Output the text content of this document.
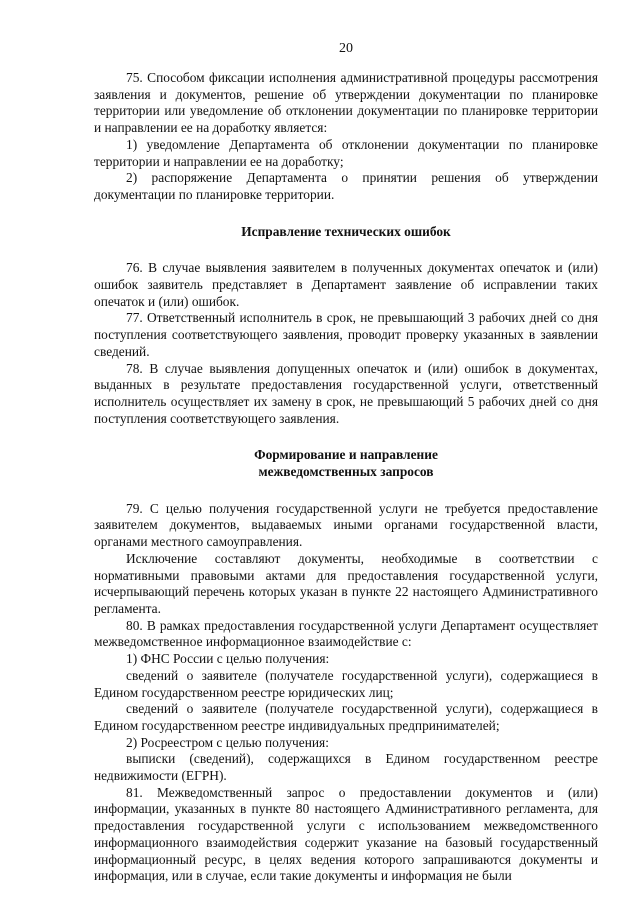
20

75. Способом фиксации исполнения административной процедуры рассмотрения заявления и документов, решение об утверждении документации по планировке территории или уведомление об отклонении документации по планировке территории и направлении ее на доработку является:

1) уведомление Департамента об отклонении документации по планировке территории и направлении ее на доработку;

2) распоряжение Департамента о принятии решения об утверждении документации по планировке территории.

Исправление технических ошибок

76. В случае выявления заявителем в полученных документах опечаток и (или) ошибок заявитель представляет в Департамент заявление об исправлении таких опечаток и (или) ошибок.

77. Ответственный исполнитель в срок, не превышающий 3 рабочих дней со дня поступления соответствующего заявления, проводит проверку указанных в заявлении сведений.

78. В случае выявления допущенных опечаток и (или) ошибок в документах, выданных в результате предоставления государственной услуги, ответственный исполнитель осуществляет их замену в срок, не превышающий 5 рабочих дней со дня поступления соответствующего заявления.

Формирование и направление
межведомственных запросов

79. С целью получения государственной услуги не требуется предоставление заявителем документов, выдаваемых иными органами государственной власти, органами местного самоуправления.

Исключение составляют документы, необходимые в соответствии с нормативными правовыми актами для предоставления государственной услуги, исчерпывающий перечень которых указан в пункте 22 настоящего Административного регламента.

80. В рамках предоставления государственной услуги Департамент осуществляет межведомственное информационное взаимодействие с:

1) ФНС России с целью получения:

сведений о заявителе (получателе государственной услуги), содержащиеся в Едином государственном реестре юридических лиц;

сведений о заявителе (получателе государственной услуги), содержащиеся в Едином государственном реестре индивидуальных предпринимателей;

2) Росреестром с целью получения:

выписки (сведений), содержащихся в Едином государственном реестре недвижимости (ЕГРН).

81. Межведомственный запрос о предоставлении документов и (или) информации, указанных в пункте 80 настоящего Административного регламента, для предоставления государственной услуги с использованием межведомственного информационного взаимодействия содержит указание на базовый государственный информационный ресурс, в целях ведения которого запрашиваются документы и информация, или в случае, если такие документы и информация не были
